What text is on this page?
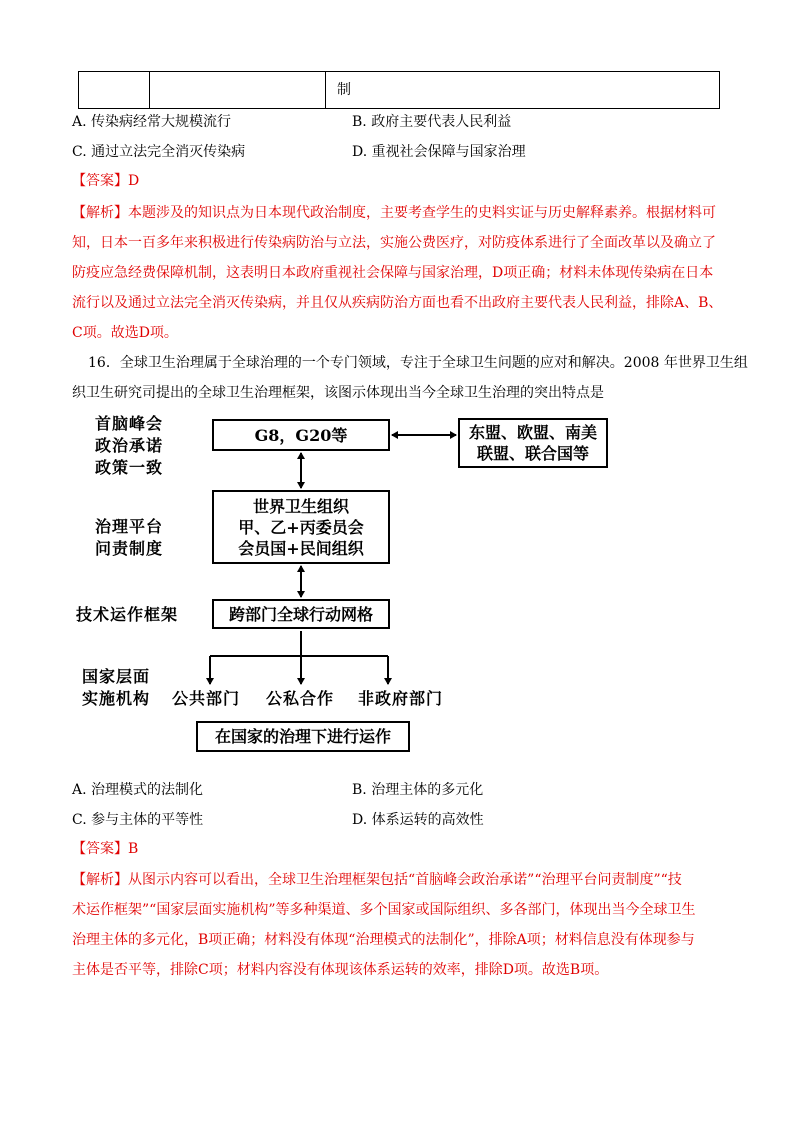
制
A. 传染病经常大规模流行	B. 政府主要代表人民利益
C. 通过立法完全消灭传染病	D. 重视社会保障与国家治理
【答案】D
【解析】本题涉及的知识点为日本现代政治制度，主要考查学生的史料实证与历史解释素养。根据材料可
知，日本一百多年来积极进行传染病防治与立法，实施公费医疗，对防疫体系进行了全面改革以及确立了
防疫应急经费保障机制，这表明日本政府重视社会保障与国家治理，D项正确；材料未体现传染病在日本
流行以及通过立法完全消灭传染病，并且仅从疾病防治方面也看不出政府主要代表人民利益，排除A、B、
C项。故选D项。
16．全球卫生治理属于全球治理的一个专门领域，专注于全球卫生问题的应对和解决。2008 年世界卫生组
织卫生研究司提出的全球卫生治理框架，该图示体现出当今全球卫生治理的突出特点是
首脑峰会
政治承诺
政策一致
治理平台
问责制度
技术运作框架
国家层面
实施机构
G8，G20等	东盟、欧盟、南美
联盟、联合国等
世界卫生组织
甲、乙+丙委员会
会员国+民间组织
跨部门全球行动网格
公共部门 公私合作 非政府部门
在国家的治理下进行运作
A. 治理模式的法制化	B. 治理主体的多元化
C. 参与主体的平等性	D. 体系运转的高效性
【答案】B
【解析】从图示内容可以看出，全球卫生治理框架包括“首脑峰会政治承诺”“治理平台问责制度”“技
术运作框架”“国家层面实施机构”等多种渠道、多个国家或国际组织、多各部门，体现出当今全球卫生
治理主体的多元化，B项正确；材料没有体现“治理模式的法制化”，排除A项；材料信息没有体现参与
主体是否平等，排除C项；材料内容没有体现该体系运转的效率，排除D项。故选B项。
